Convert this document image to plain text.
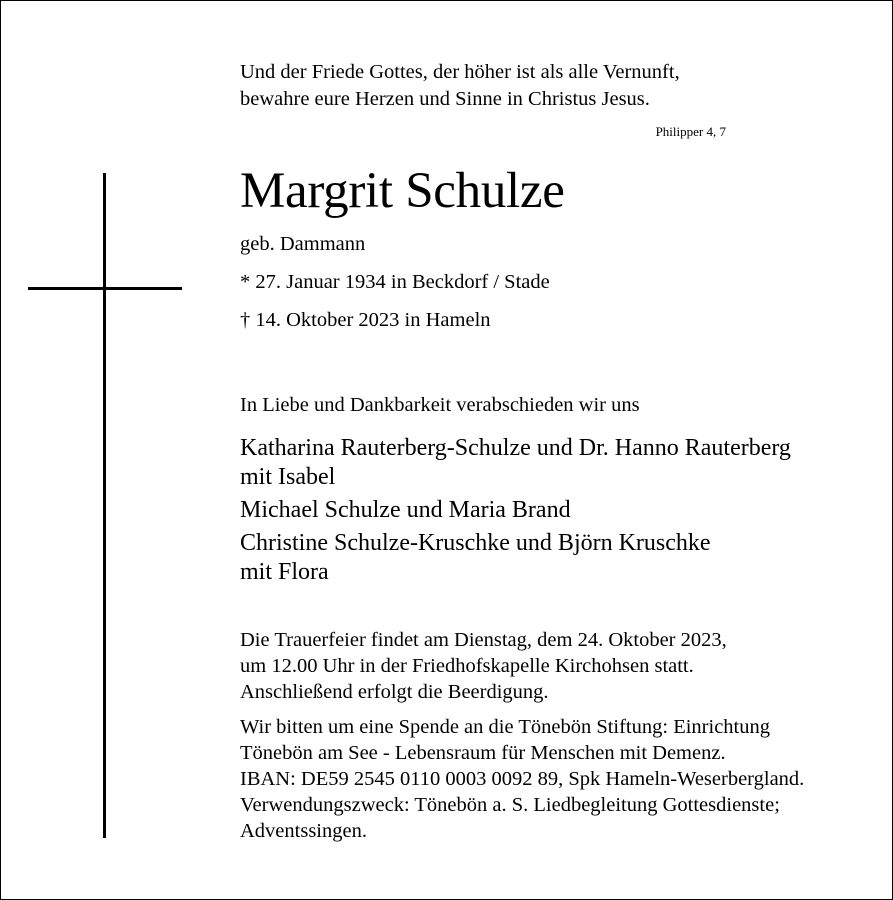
Und der Friede Gottes, der höher ist als alle Vernunft,
bewahre eure Herzen und Sinne in Christus Jesus.
Philipper 4, 7
Margrit Schulze
geb. Dammann
* 27. Januar 1934 in Beckdorf / Stade
† 14. Oktober 2023 in Hameln
In Liebe und Dankbarkeit verabschieden wir uns
Katharina Rauterberg-Schulze und Dr. Hanno Rauterberg
mit Isabel
Michael Schulze und Maria Brand
Christine Schulze-Kruschke und Björn Kruschke
mit Flora
Die Trauerfeier findet am Dienstag, dem 24. Oktober 2023,
um 12.00 Uhr in der Friedhofskapelle Kirchohsen statt.
Anschließend erfolgt die Beerdigung.
Wir bitten um eine Spende an die Tönebön Stiftung: Einrichtung
Tönebön am See - Lebensraum für Menschen mit Demenz.
IBAN: DE59 2545 0110 0003 0092 89, Spk Hameln-Weserbergland.
Verwendungszweck: Tönebön a. S. Liedbegleitung Gottesdienste;
Adventssingen.
